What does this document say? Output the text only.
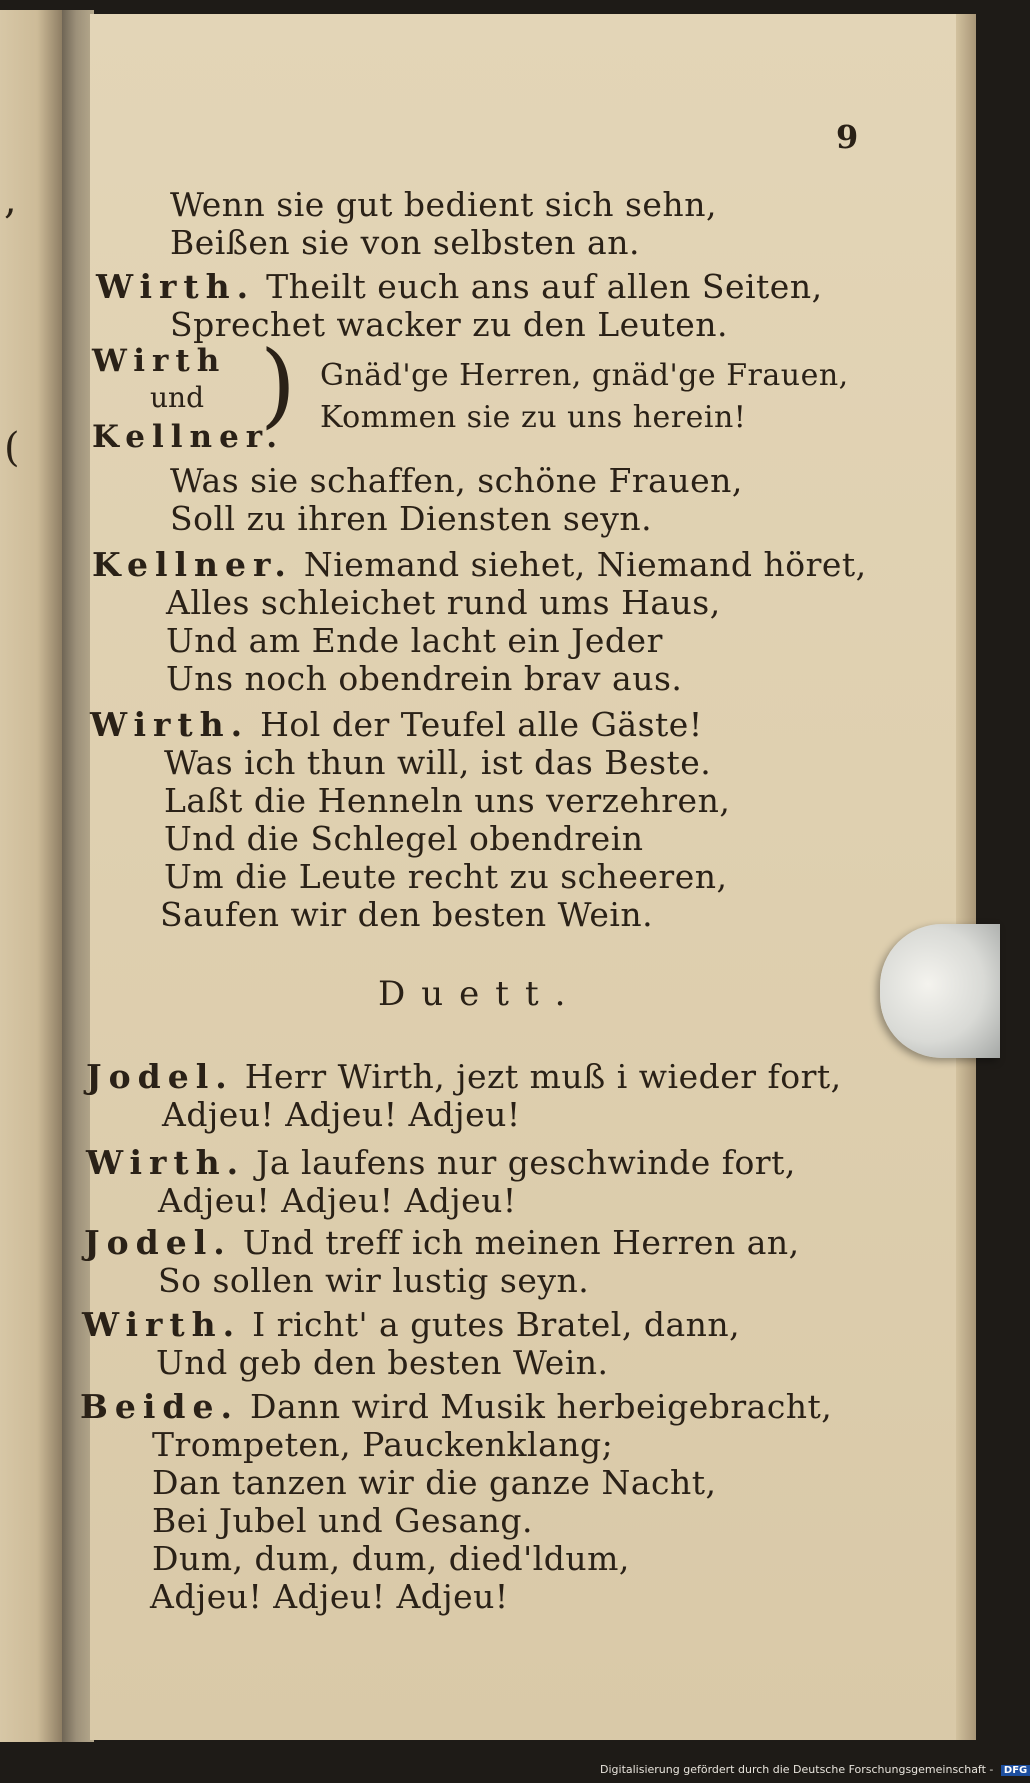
,
(
9
Wenn sie gut bedient sich sehn,
Beißen sie von selbsten an.
Wirth. Theilt euch ans auf allen Seiten,
Sprechet wacker zu den Leuten.
Wirth
und
Kellner.
) Gnäd'ge Herren, gnäd'ge Frauen,
Kommen sie zu uns herein!
Was sie schaffen, schöne Frauen,
Soll zu ihren Diensten seyn.
Kellner. Niemand siehet, Niemand höret,
Alles schleichet rund ums Haus,
Und am Ende lacht ein Jeder
Uns noch obendrein brav aus.
Wirth. Hol der Teufel alle Gäste!
Was ich thun will, ist das Beste.
Laßt die Henneln uns verzehren,
Und die Schlegel obendrein
Um die Leute recht zu scheeren,
Saufen wir den besten Wein.
Duett.
Jodel. Herr Wirth, jezt muß i wieder fort,
Adjeu! Adjeu! Adjeu!
Wirth. Ja laufens nur geschwinde fort,
Adjeu! Adjeu! Adjeu!
Jodel. Und treff ich meinen Herren an,
So sollen wir lustig seyn.
Wirth. I richt' a gutes Bratel, dann,
Und geb den besten Wein.
Beide. Dann wird Musik herbeigebracht,
Trompeten, Pauckenklang;
Dan tanzen wir die ganze Nacht,
Bei Jubel und Gesang.
Dum, dum, dum, died'ldum,
Adjeu! Adjeu! Adjeu!
Digitalisierung gefördert durch die Deutsche Forschungsgemeinschaft - DFG
